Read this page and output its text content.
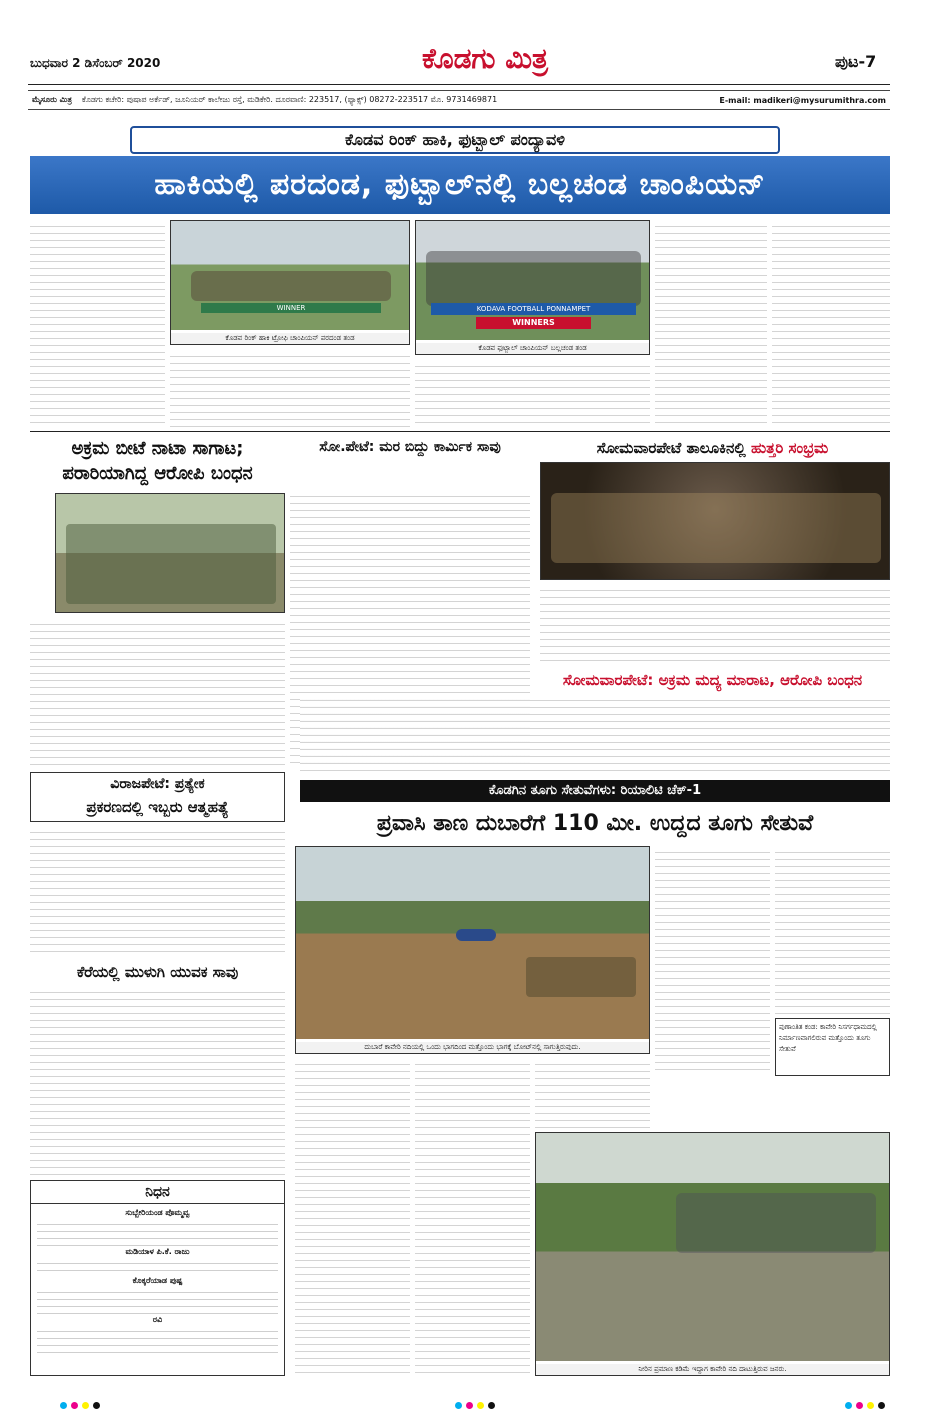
ಬುಧವಾರ 2 ಡಿಸೆಂಬರ್ 2020	ಕೊಡಗು ಮಿತ್ರ	ಪುಟ-7
ಮೈಸೂರು ಮಿತ್ರ ಕೊಡಗು ಕಚೇರಿ: ಪುಷಾಪ ಅರ್ಕೆಡ್, ಜೂನಿಯರ್ ಕಾಲೇಜು ರಸ್ತೆ, ಮಡಿಕೇರಿ. ದೂರವಾಣಿ: 223517, (ಫ್ಯಾಕ್ಸ್) 08272-223517 ಮೊ. 9731469871	E-mail: madikeri@mysurumithra.com
ಕೊಡವ ರಿಂಕ್ ಹಾಕಿ, ಫುಟ್ಬಾಲ್ ಪಂದ್ಯಾವಳಿ
ಹಾಕಿಯಲ್ಲಿ ಪರದಂಡ, ಫುಟ್ಬಾಲ್‌ನಲ್ಲಿ ಬಲ್ಲಚಂಡ ಚಾಂಪಿಯನ್
WINNER
ಕೊಡವ ರಿಂಕ್ ಹಾಕಿ ಟ್ರೋಫಿ ಚಾಂಪಿಯನ್ ಪರದಂಡ ತಂಡ
KODAVA FOOTBALL PONNAMPET
WINNERS
ಕೊಡವ ಫುಟ್ಬಾಲ್ ಚಾಂಪಿಯನ್ ಬಲ್ಲಚಂಡ ತಂಡ
ಅಕ್ರಮ ಬೀಟೆ ನಾಟಾ ಸಾಗಾಟ; ಪರಾರಿಯಾಗಿದ್ದ ಆರೋಪಿ ಬಂಧನ
ಸೋ.ಪೇಟೆ: ಮರ ಬಿದ್ದು ಕಾರ್ಮಿಕ ಸಾವು	ಸೋಮವಾರಪೇಟೆ ತಾಲೂಕಿನಲ್ಲಿ ಹುತ್ತರಿ ಸಂಭ್ರಮ
ಸೋಮವಾರಪೇಟೆ: ಅಕ್ರಮ ಮದ್ಯ ಮಾರಾಟ, ಆರೋಪಿ ಬಂಧನ
ವಿರಾಜಪೇಟೆ: ಪ್ರತ್ಯೇಕ
ಪ್ರಕರಣದಲ್ಲಿ ಇಬ್ಬರು ಆತ್ಮಹತ್ಯೆ
ಕೆರೆಯಲ್ಲಿ ಮುಳುಗಿ ಯುವಕ ಸಾವು
ನಿಧನ
ಸುಬ್ಬೇರಿಯಂಡ ಪೊಮ್ಮವ್ವ
ಮಡಿಯಾಳ ಪಿ.ಕೆ. ರಾಜು
ಕೊಕ್ಕರೆಯಾಡ ಪುಷ್ಪ
ರವಿ
ಕೊಡಗಿನ ತೂಗು ಸೇತುವೆಗಳು: ರಿಯಾಲಿಟಿ ಚೆಕ್-1
ಪ್ರವಾಸಿ ತಾಣ ದುಬಾರೆಗೆ 110 ಮೀ. ಉದ್ದದ ತೂಗು ಸೇತುವೆ
ದುಬಾರೆ ಕಾವೇರಿ ನದಿಯಲ್ಲಿ ಒಂದು ಭಾಗದಿಂದ ಮತ್ತೊಂದು ಭಾಗಕ್ಕೆ ಬೋಟ್‌ನಲ್ಲಿ ಸಾಗುತ್ತಿರುವುದು.
ಪುಣಾಂತಿತ ಕಂಡ: ಕಾವೇರಿ ನಿಸರ್ಗಧಾಮದಲ್ಲಿ ನಿರ್ಮಾಣವಾಗಲಿರುವ ಮತ್ತೊಂದು ತೂಗು ಸೇತುವೆ
ನೀರಿನ ಪ್ರಮಾಣ ಕಡಿಮೆ ಇದ್ದಾಗ ಕಾವೇರಿ ನದಿ ದಾಟುತ್ತಿರುವ ಜನರು.
